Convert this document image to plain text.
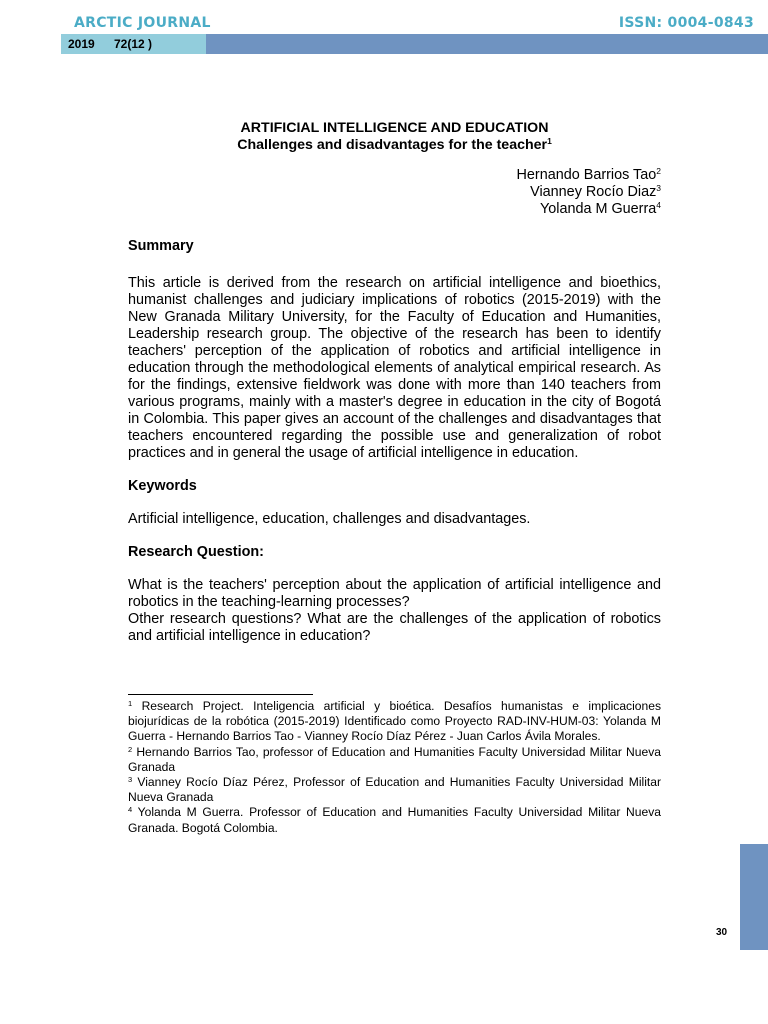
ARCTIC JOURNAL	ISSN: 0004-0843
2019 72(12 )
ARTIFICIAL INTELLIGENCE AND EDUCATION
Challenges and disadvantages for the teacher$^1$
Hernando Barrios Tao$^2$
Vianney Rocío Diaz$^3$
Yolanda M Guerra$^4$
Summary

This article is derived from the research on artificial intelligence and bioethics, humanist challenges and judiciary implications of robotics (2015-2019) with the New Granada Military University, for the Faculty of Education and Humanities, Leadership research group. The objective of the research has been to identify teachers' perception of the application of robotics and artificial intelligence in education through the methodological elements of analytical empirical research. As for the findings, extensive fieldwork was done with more than 140 teachers from various programs, mainly with a master's degree in education in the city of Bogotá in Colombia. This paper gives an account of the challenges and disadvantages that teachers encountered regarding the possible use and generalization of robot practices and in general the usage of artificial intelligence in education.

Keywords

Artificial intelligence, education, challenges and disadvantages.

Research Question:

What is the teachers' perception about the application of artificial intelligence and robotics in the teaching-learning processes?

Other research questions? What are the challenges of the application of robotics and artificial intelligence in education?

$^1$ Research Project. Inteligencia artificial y bioética. Desafíos humanistas e implicaciones biojurídicas de la robótica (2015-2019) Identificado como Proyecto RAD-INV-HUM-03: Yolanda M Guerra - Hernando Barrios Tao - Vianney Rocío Díaz Pérez - Juan Carlos Ávila Morales.

$^2$ Hernando Barrios Tao, professor of Education and Humanities Faculty Universidad Militar Nueva Granada

$^3$ Vianney Rocío Díaz Pérez, Professor of Education and Humanities Faculty Universidad Militar Nueva Granada

$^4$ Yolanda M Guerra. Professor of Education and Humanities Faculty Universidad Militar Nueva Granada. Bogotá Colombia.

30
